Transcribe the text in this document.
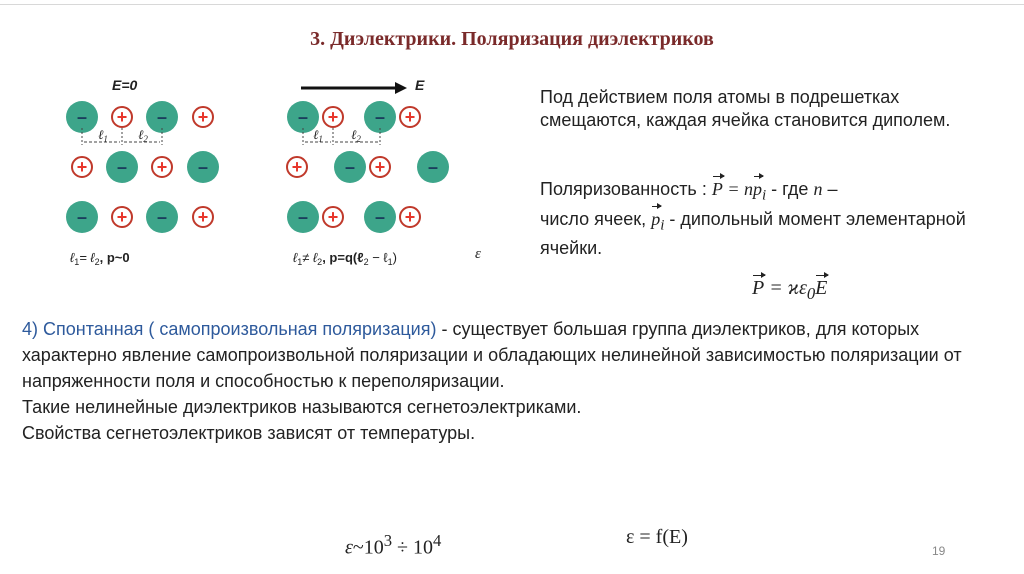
3. Диэлектрики. Поляризация диэлектриков
E=0
– + – +
+ – + –
– + – +
ℓ$_1$ ℓ$_2$
ℓ$_1$= ℓ$_2$, p~0
E
– + – +
+ – + –
– + – +
ℓ$_1$ ℓ$_2$
ℓ$_1$≠ ℓ$_2$, p=q(ℓ$_2$ − ℓ$_1$)	ε
Под действием поля атомы в подрешетках смещаются, каждая ячейка становится диполем.
Поляризованность : $P = np_i$ - где n –
число ячеек, $p_i$ - дипольный момент элементарной ячейки.
$P = ϰ\varepsilon_0E$
4) Спонтанная ( самопроизвольная поляризация) - существует большая группа диэлектриков, для которых характерно явление самопроизвольной поляризации и обладающих нелинейной зависимостью поляризации от напряженности поля и способностью к переполяризации.
Такие нелинейные диэлектриков называются сегнетоэлектриками.
Свойства сегнетоэлектриков зависят от температуры.
$\varepsilon\sim 10^3 \div 10^4$	ε = f(E)
19
